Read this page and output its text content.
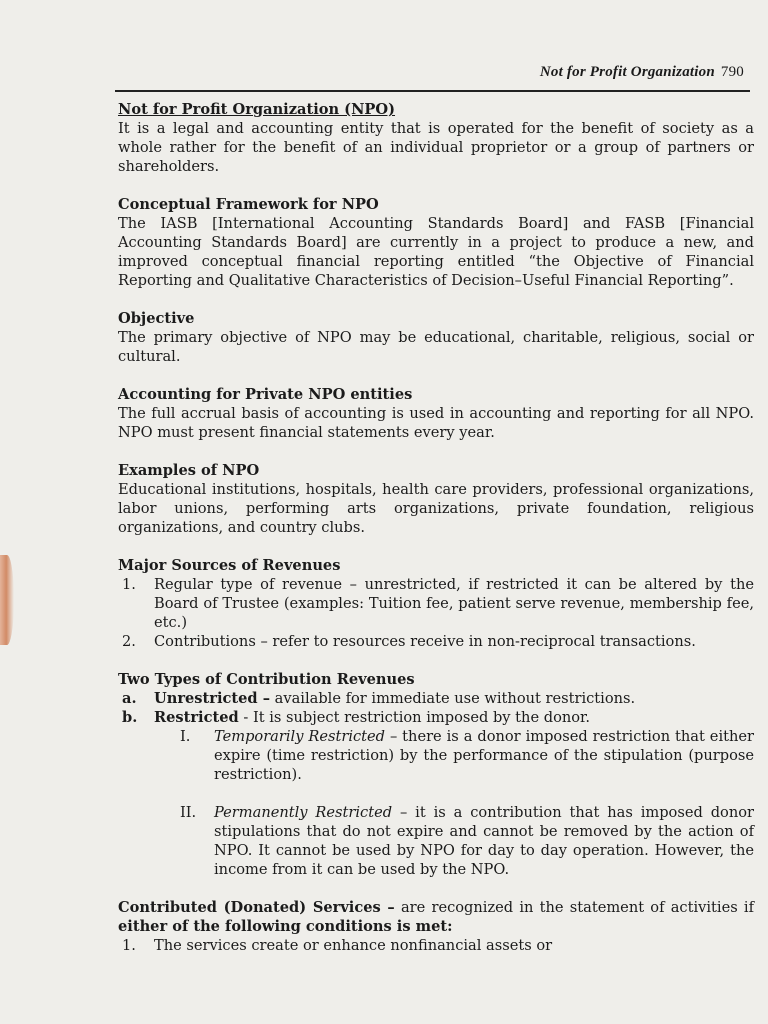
Not for Profit Organization 790
Not for Profit Organization (NPO)

It is a legal and accounting entity that is operated for the benefit of society as a whole rather for the benefit of an individual proprietor or a group of partners or shareholders.

Conceptual Framework for NPO

The IASB [International Accounting Standards Board] and FASB [Financial Accounting Standards Board] are currently in a project to produce a new, and improved conceptual financial reporting entitled “the Objective of Financial Reporting and Qualitative Characteristics of Decision–Useful Financial Reporting”.

Objective

The primary objective of NPO may be educational, charitable, religious, social or cultural.

Accounting for Private NPO entities

The full accrual basis of accounting is used in accounting and reporting for all NPO. NPO must present financial statements every year.

Examples of NPO

Educational institutions, hospitals, health care providers, professional organizations, labor unions, performing arts organizations, private foundation, religious organizations, and country clubs.

Major Sources of Revenues
1. Regular type of revenue – unrestricted, if restricted it can be altered by the Board of Trustee (examples: Tuition fee, patient serve revenue, membership fee, etc.)
2. Contributions – refer to resources receive in non-reciprocal transactions.
Two Types of Contribution Revenues
a. Unrestricted – available for immediate use without restrictions.
b. Restricted - It is subject restriction imposed by the donor.
I. Temporarily Restricted – there is a donor imposed restriction that either expire (time restriction) by the performance of the stipulation (purpose restriction).
II. Permanently Restricted – it is a contribution that has imposed donor stipulations that do not expire and cannot be removed by the action of NPO. It cannot be used by NPO for day to day operation. However, the income from it can be used by the NPO.

Contributed (Donated) Services – are recognized in the statement of activities if either of the following conditions is met:

1. The services create or enhance nonfinancial assets or
